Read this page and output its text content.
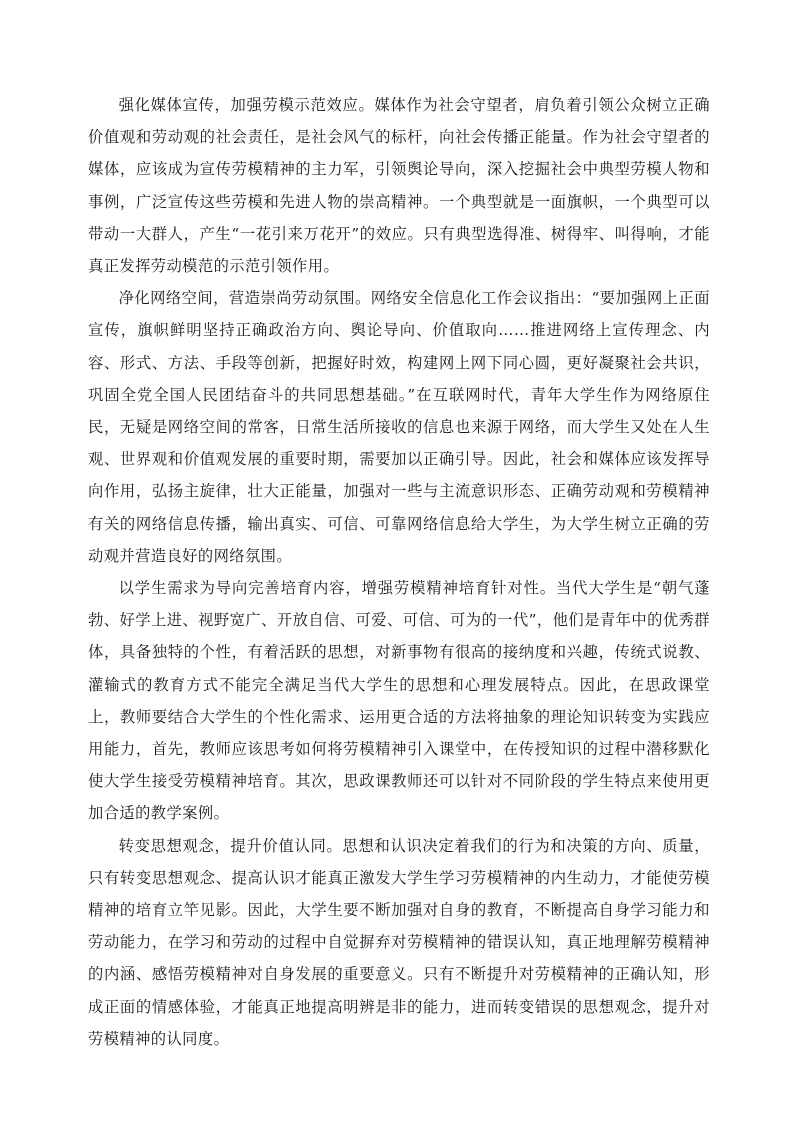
强化媒体宣传，加强劳模示范效应。媒体作为社会守望者，肩负着引领公众树立正确价值观和劳动观的社会责任，是社会风气的标杆，向社会传播正能量。作为社会守望者的媒体，应该成为宣传劳模精神的主力军，引领舆论导向，深入挖掘社会中典型劳模人物和事例，广泛宣传这些劳模和先进人物的崇高精神。一个典型就是一面旗帜，一个典型可以带动一大群人，产生“一花引来万花开”的效应。只有典型选得准、树得牢、叫得响，才能真正发挥劳动模范的示范引领作用。

净化网络空间，营造崇尚劳动氛围。网络安全信息化工作会议指出：“要加强网上正面宣传，旗帜鲜明坚持正确政治方向、舆论导向、价值取向……推进网络上宣传理念、内容、形式、方法、手段等创新，把握好时效，构建网上网下同心圆，更好凝聚社会共识，巩固全党全国人民团结奋斗的共同思想基础。”在互联网时代，青年大学生作为网络原住民，无疑是网络空间的常客，日常生活所接收的信息也来源于网络，而大学生又处在人生观、世界观和价值观发展的重要时期，需要加以正确引导。因此，社会和媒体应该发挥导向作用，弘扬主旋律，壮大正能量，加强对一些与主流意识形态、正确劳动观和劳模精神有关的网络信息传播，输出真实、可信、可靠网络信息给大学生，为大学生树立正确的劳动观并营造良好的网络氛围。

以学生需求为导向完善培育内容，增强劳模精神培育针对性。当代大学生是“朝气蓬勃、好学上进、视野宽广、开放自信、可爱、可信、可为的一代”，他们是青年中的优秀群体，具备独特的个性，有着活跃的思想，对新事物有很高的接纳度和兴趣，传统式说教、灌输式的教育方式不能完全满足当代大学生的思想和心理发展特点。因此，在思政课堂上，教师要结合大学生的个性化需求、运用更合适的方法将抽象的理论知识转变为实践应用能力，首先，教师应该思考如何将劳模精神引入课堂中，在传授知识的过程中潜移默化使大学生接受劳模精神培育。其次，思政课教师还可以针对不同阶段的学生特点来使用更加合适的教学案例。

转变思想观念，提升价值认同。思想和认识决定着我们的行为和决策的方向、质量，只有转变思想观念、提高认识才能真正激发大学生学习劳模精神的内生动力，才能使劳模精神的培育立竿见影。因此，大学生要不断加强对自身的教育，不断提高自身学习能力和劳动能力，在学习和劳动的过程中自觉摒弃对劳模精神的错误认知，真正地理解劳模精神的内涵、感悟劳模精神对自身发展的重要意义。只有不断提升对劳模精神的正确认知，形成正面的情感体验，才能真正地提高明辨是非的能力，进而转变错误的思想观念，提升对劳模精神的认同度。
